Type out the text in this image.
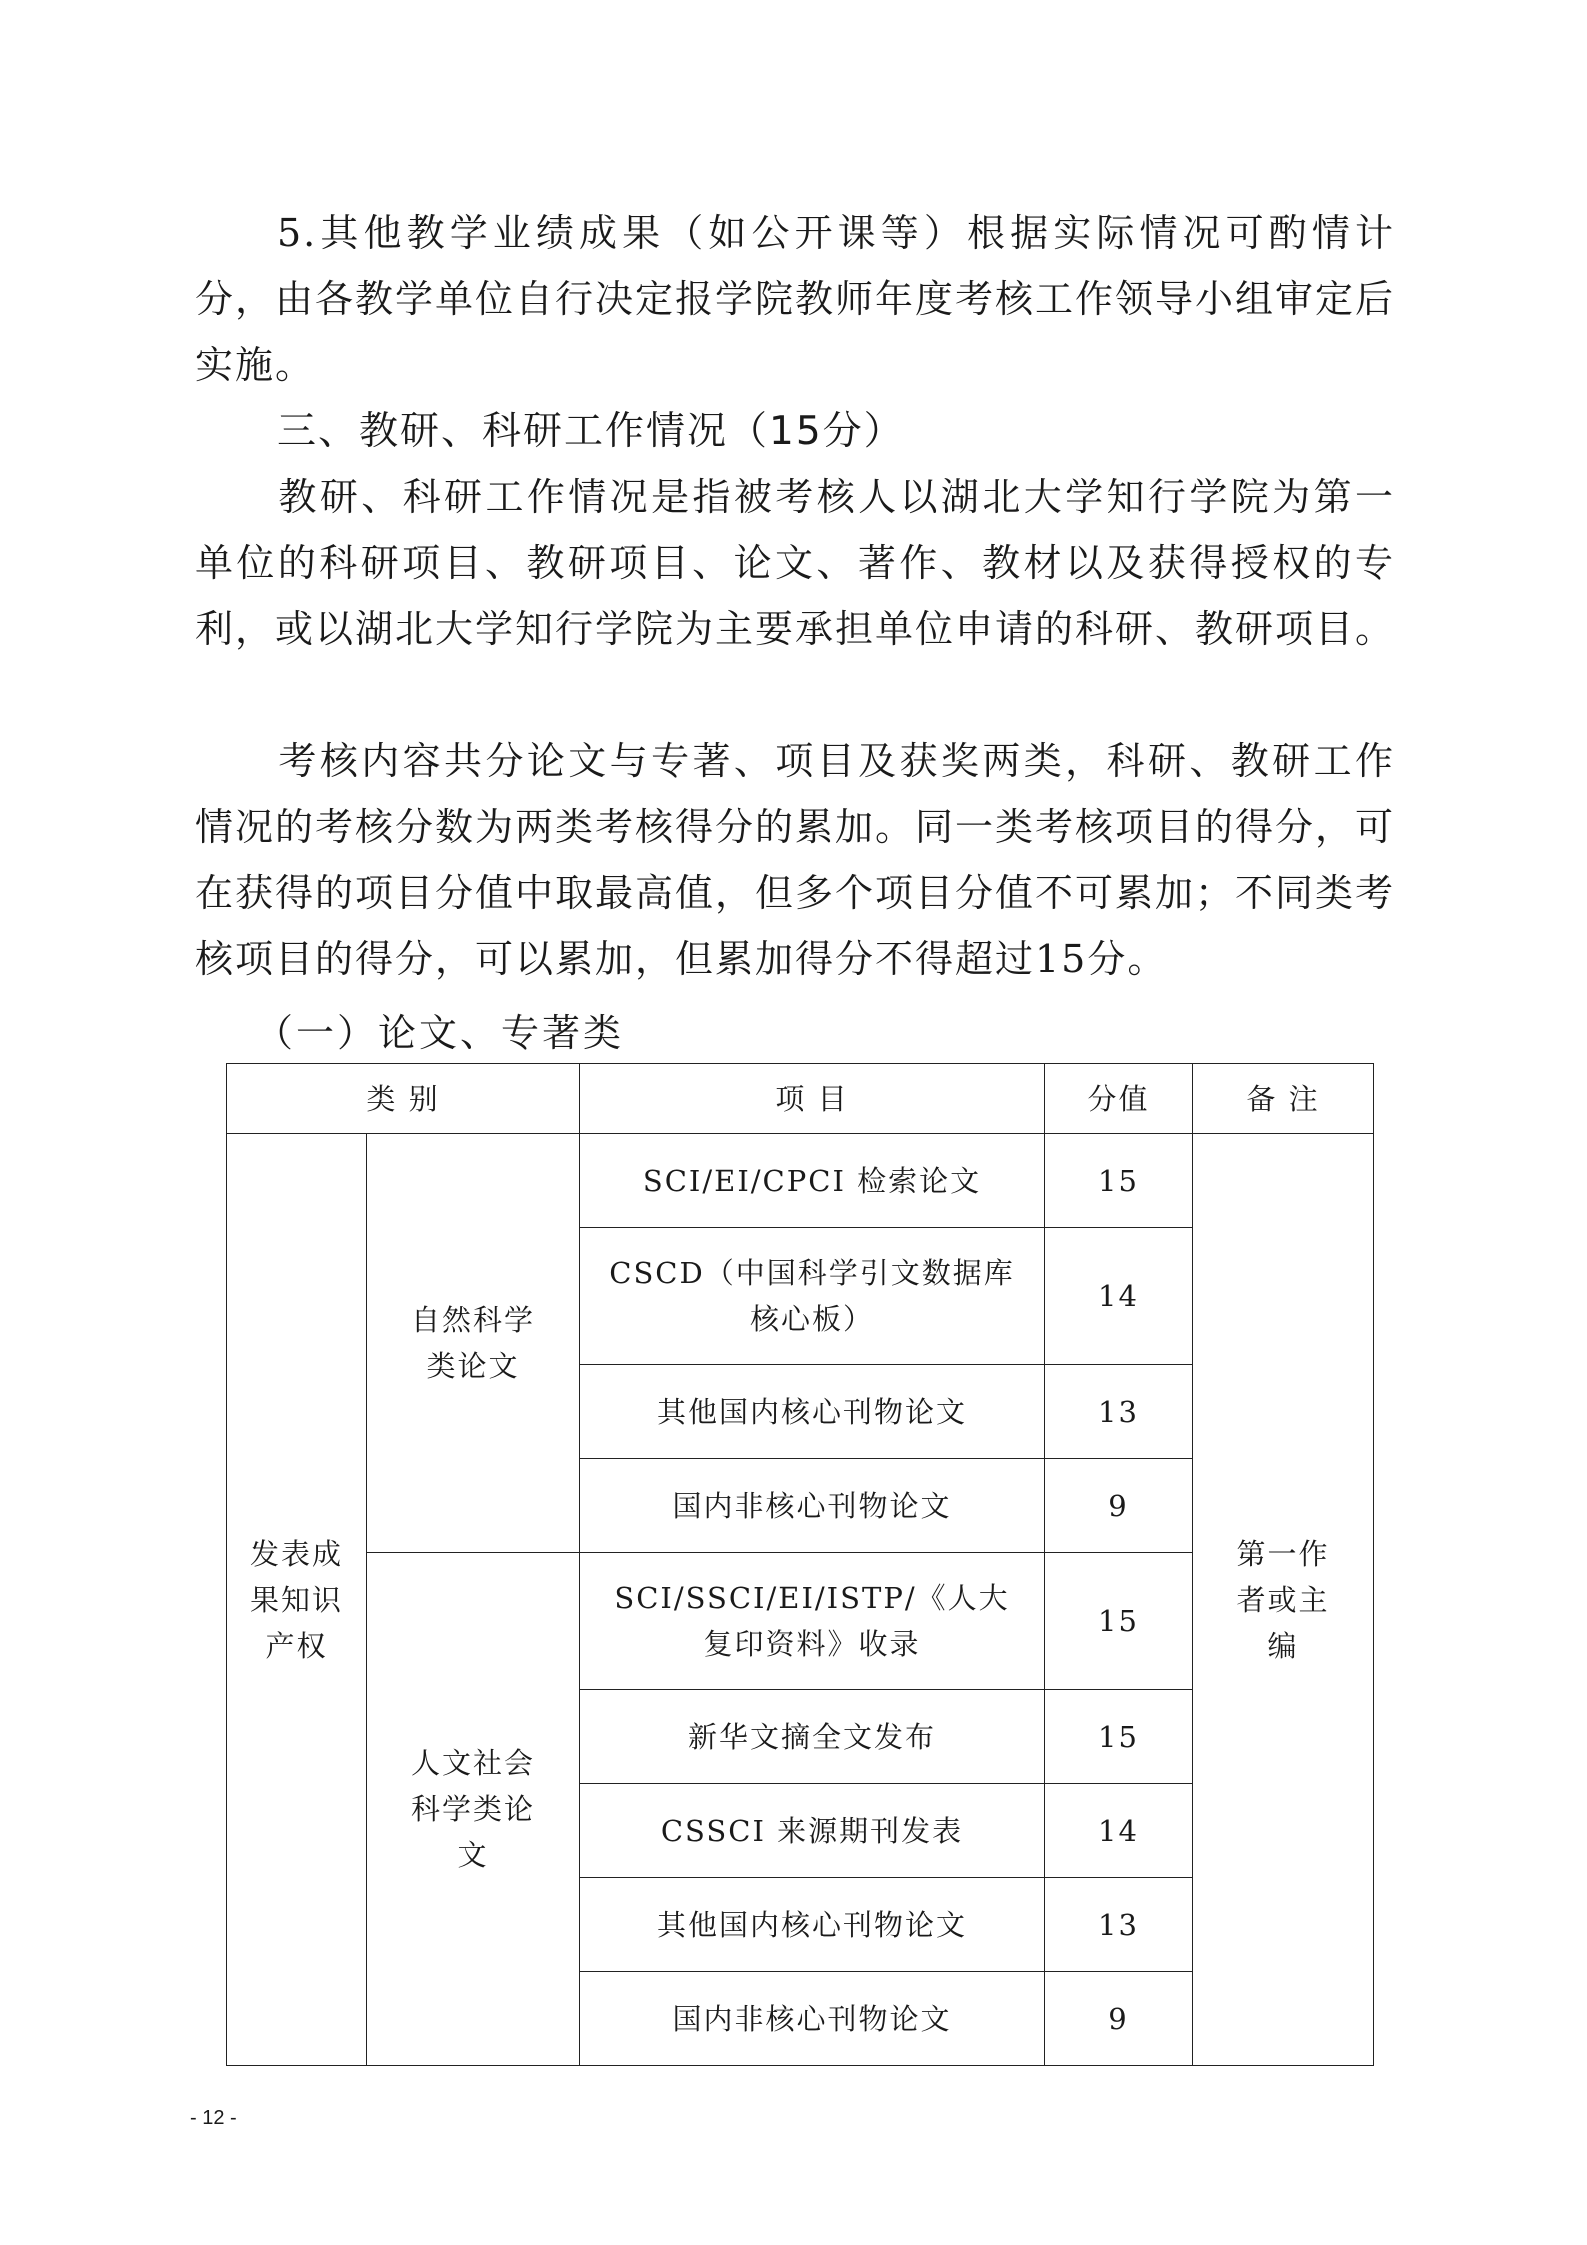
5.其他教学业绩成果（如公开课等）根据实际情况可酌情计分，由各教学单位自行决定报学院教师年度考核工作领导小组审定后实施。

三、教研、科研工作情况（15分）

教研、科研工作情况是指被考核人以湖北大学知行学院为第一单位的科研项目、教研项目、论文、著作、教材以及获得授权的专利，或以湖北大学知行学院为主要承担单位申请的科研、教研项目。

考核内容共分论文与专著、项目及获奖两类，科研、教研工作情况的考核分数为两类考核得分的累加。同一类考核项目的得分，可在获得的项目分值中取最高值，但多个项目分值不可累加；不同类考核项目的得分，可以累加，但累加得分不得超过15分。

（一）论文、专著类

类 别		项 目	分值	备 注
发表成果知识产权	自然科学类论文	SCI/EI/CPCI 检索论文	15	第一作者或主编
		CSCD（中国科学引文数据库核心板）	14	
		其他国内核心刊物论文	13	
		国内非核心刊物论文	9	
	人文社会科学类论文	SCI/SSCI/EI/ISTP/《人大复印资料》收录	15	
		新华文摘全文发布	15	
		CSSCI 来源期刊发表	14	
		其他国内核心刊物论文	13	
		国内非核心刊物论文	9	

- 12 -
